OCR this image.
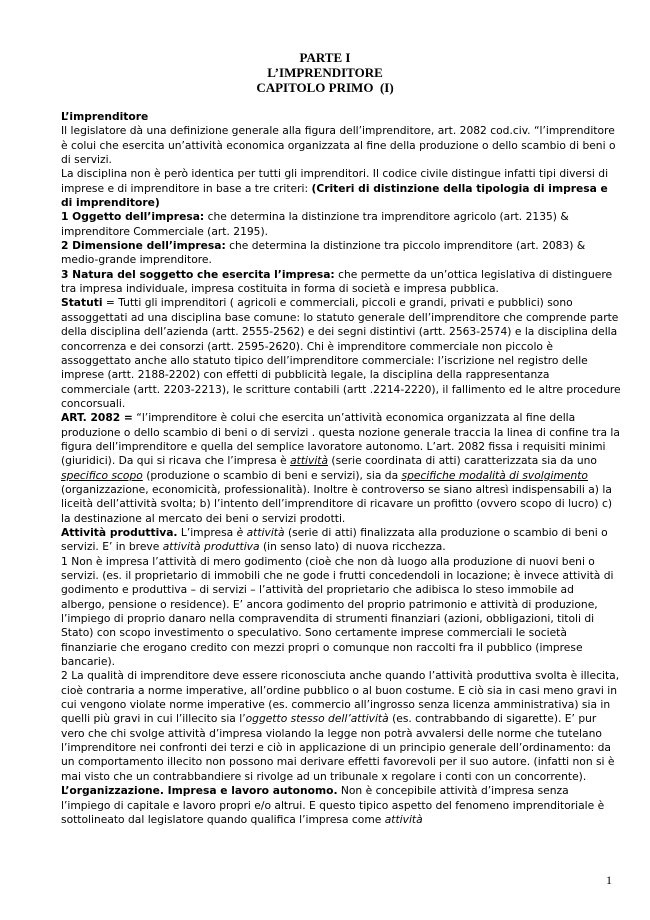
PARTE I
L’IMPRENDITORE
CAPITOLO PRIMO  (I)

L’imprenditore

Il legislatore dà una definizione generale alla figura dell’imprenditore, art. 2082 cod.civ. “l’imprenditore è colui che esercita un’attività economica organizzata al fine della produzione o dello scambio di beni o di servizi.

La disciplina non è però identica per tutti gli imprenditori. Il codice civile distingue infatti tipi diversi di imprese e di imprenditore in base a tre criteri: (Criteri di distinzione della tipologia di impresa e di imprenditore)

1 Oggetto dell’impresa: che determina la distinzione tra imprenditore agricolo (art. 2135) & imprenditore Commerciale (art. 2195).

2 Dimensione dell’impresa: che determina la distinzione tra piccolo imprenditore (art. 2083) & medio-grande imprenditore.

3 Natura del soggetto che esercita l’impresa: che permette da un’ottica legislativa di distinguere tra impresa individuale, impresa costituita in forma di società e impresa pubblica.

Statuti = Tutti gli imprenditori ( agricoli e commerciali, piccoli e grandi, privati e pubblici) sono assoggettati ad una disciplina base comune: lo statuto generale dell’imprenditore che comprende parte della disciplina dell’azienda (artt. 2555-2562) e dei segni distintivi (artt. 2563-2574) e la disciplina della concorrenza e dei consorzi (artt. 2595-2620). Chi è imprenditore commerciale non piccolo è assoggettato anche allo statuto tipico dell’imprenditore commerciale: l’iscrizione nel registro delle imprese (artt. 2188-2202) con effetti di pubblicità legale, la disciplina della rappresentanza commerciale (artt. 2203-2213), le scritture contabili (artt .2214-2220), il fallimento ed le altre procedure concorsuali.

ART. 2082 = “l’imprenditore è colui che esercita un’attività economica organizzata al fine della produzione o dello scambio di beni o di servizi . questa nozione generale traccia la linea di confine tra la figura dell’imprenditore e quella del semplice lavoratore autonomo. L’art. 2082 fissa i requisiti minimi (giuridici). Da qui si ricava che l’impresa è attività (serie coordinata di atti) caratterizzata sia da uno specifico scopo (produzione o scambio di beni e servizi), sia da specifiche modalità di svolgimento (organizzazione, economicità, professionalità). Inoltre è controverso se siano altresì indispensabili a) la liceità dell’attività svolta; b) l’intento dell’imprenditore di ricavare un profitto (ovvero scopo di lucro) c) la destinazione al mercato dei beni o servizi prodotti.

Attività produttiva. L’impresa è attività (serie di atti) finalizzata alla produzione o scambio di beni o servizi. E’ in breve attività produttiva (in senso lato) di nuova ricchezza.

1 Non è impresa l’attività di mero godimento (cioè che non dà luogo alla produzione di nuovi beni o servizi. (es. il proprietario di immobili che ne gode i frutti concedendoli in locazione; è invece attività di godimento e produttiva – di servizi – l’attività del proprietario che adibisca lo steso immobile ad albergo, pensione o residence). E’ ancora godimento del proprio patrimonio e attività di produzione, l’impiego di proprio danaro nella compravendita di strumenti finanziari (azioni, obbligazioni, titoli di Stato) con scopo investimento o speculativo. Sono certamente imprese commerciali le società finanziarie che erogano credito con mezzi propri o comunque non raccolti fra il pubblico (imprese bancarie).

2 La qualità di imprenditore deve essere riconosciuta anche quando l’attività produttiva svolta è illecita, cioè contraria a norme imperative, all’ordine pubblico o al buon costume. E ciò sia in casi meno gravi in cui vengono violate norme imperative (es. commercio all’ingrosso senza licenza amministrativa) sia in quelli più gravi in cui l’illecito sia l’oggetto stesso dell’attività (es. contrabbando di sigarette). E’ pur vero che chi svolge attività d’impresa violando la legge non potrà avvalersi delle norme che tutelano l’imprenditore nei confronti dei terzi e ciò in applicazione di un principio generale dell’ordinamento: da un comportamento illecito non possono mai derivare effetti favorevoli per il suo autore. (infatti non si è mai visto che un contrabbandiere si rivolge ad un tribunale x regolare i conti con un concorrente).

L’organizzazione. Impresa e lavoro autonomo. Non è concepibile attività d’impresa senza l’impiego di capitale e lavoro propri e/o altrui. E questo tipico aspetto del fenomeno imprenditoriale è sottolineato dal legislatore quando qualifica l’impresa come attività

1
